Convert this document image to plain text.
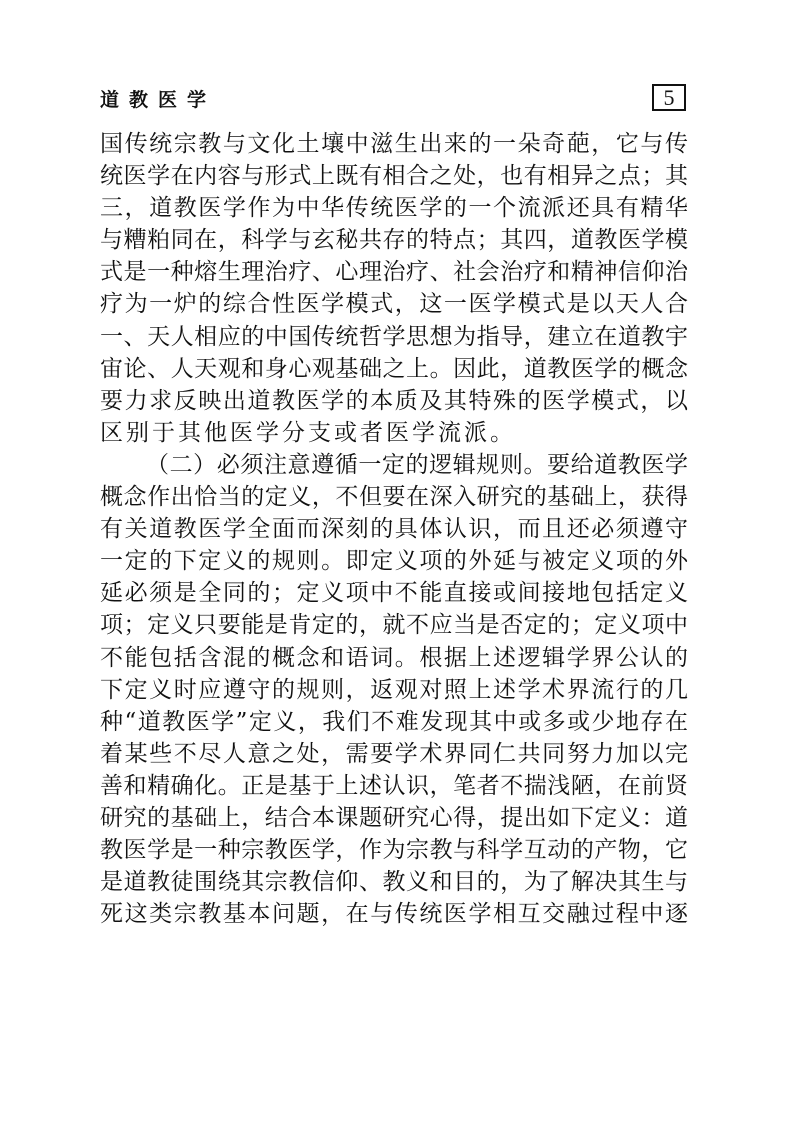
道教医学	5
国传统宗教与文化土壤中滋生出来的一朵奇葩，它与传
统医学在内容与形式上既有相合之处，也有相异之点；其
三，道教医学作为中华传统医学的一个流派还具有精华
与糟粕同在，科学与玄秘共存的特点；其四，道教医学模
式是一种熔生理治疗、心理治疗、社会治疗和精神信仰治
疗为一炉的综合性医学模式，这一医学模式是以天人合
一、天人相应的中国传统哲学思想为指导，建立在道教宇
宙论、人天观和身心观基础之上。因此，道教医学的概念
要力求反映出道教医学的本质及其特殊的医学模式，以
区别于其他医学分支或者医学流派。
（二）必须注意遵循一定的逻辑规则。要给道教医学
概念作出恰当的定义，不但要在深入研究的基础上，获得
有关道教医学全面而深刻的具体认识，而且还必须遵守
一定的下定义的规则。即定义项的外延与被定义项的外
延必须是全同的；定义项中不能直接或间接地包括定义
项；定义只要能是肯定的，就不应当是否定的；定义项中
不能包括含混的概念和语词。根据上述逻辑学界公认的
下定义时应遵守的规则，返观对照上述学术界流行的几
种“道教医学”定义，我们不难发现其中或多或少地存在
着某些不尽人意之处，需要学术界同仁共同努力加以完
善和精确化。正是基于上述认识，笔者不揣浅陋，在前贤
研究的基础上，结合本课题研究心得，提出如下定义：道
教医学是一种宗教医学，作为宗教与科学互动的产物，它
是道教徒围绕其宗教信仰、教义和目的，为了解决其生与
死这类宗教基本问题，在与传统医学相互交融过程中逐
